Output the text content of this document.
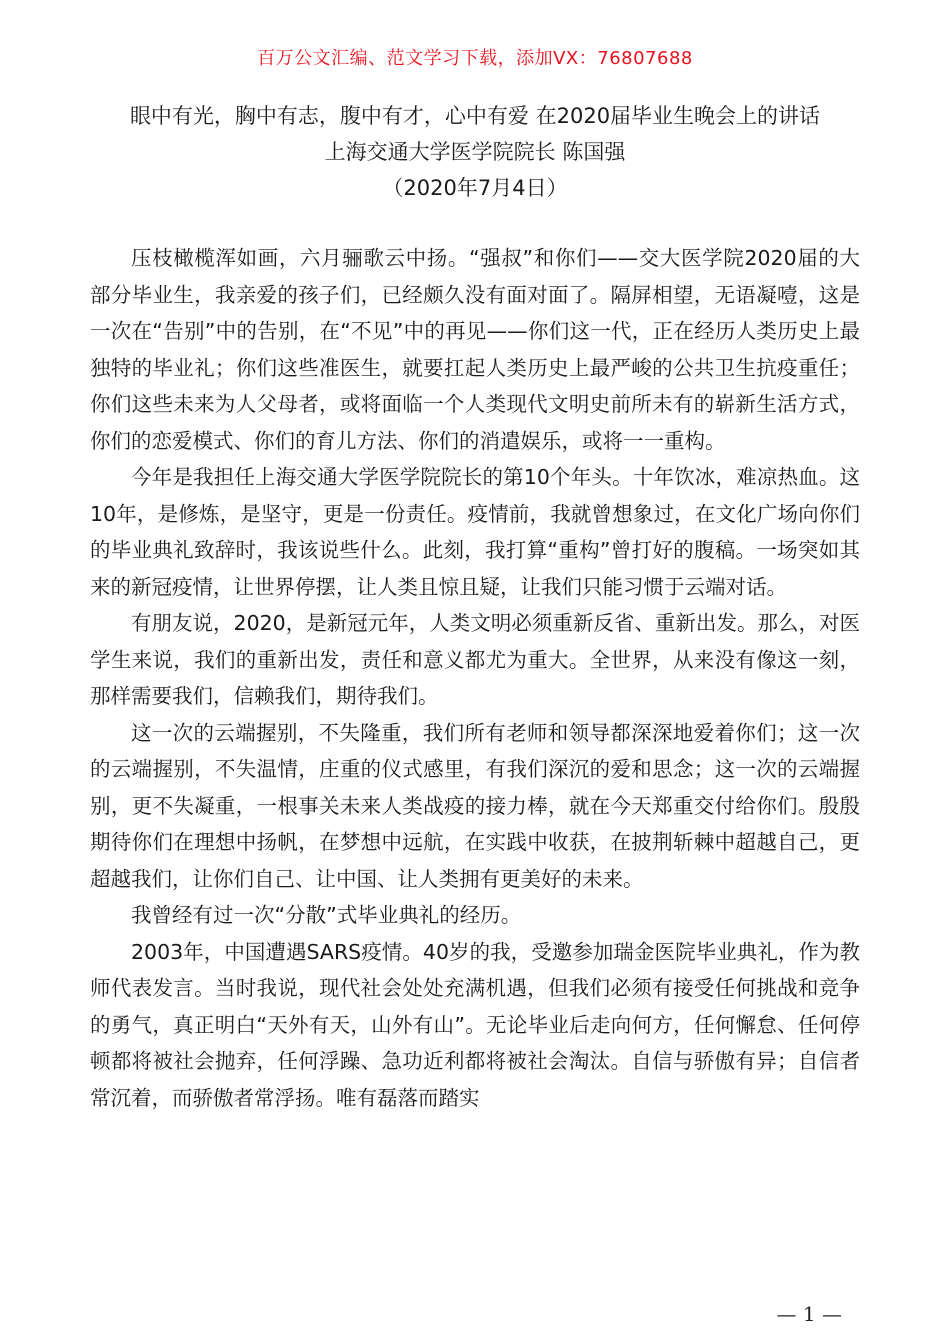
百万公文汇编、范文学习下载，添加VX：76807688
眼中有光，胸中有志，腹中有才，心中有爱 在2020届毕业生晚会上的讲话
上海交通大学医学院院长 陈国强
（2020年7月4日）

压枝橄榄浑如画，六月骊歌云中扬。“强叔”和你们——交大医学院2020届的大部分毕业生，我亲爱的孩子们，已经颇久没有面对面了。隔屏相望，无语凝噎，这是一次在“告别”中的告别，在“不见”中的再见——你们这一代，正在经历人类历史上最独特的毕业礼；你们这些准医生，就要扛起人类历史上最严峻的公共卫生抗疫重任；你们这些未来为人父母者，或将面临一个人类现代文明史前所未有的崭新生活方式，你们的恋爱模式、你们的育儿方法、你们的消遣娱乐，或将一一重构。

今年是我担任上海交通大学医学院院长的第10个年头。十年饮冰，难凉热血。这10年，是修炼，是坚守，更是一份责任。疫情前，我就曾想象过，在文化广场向你们的毕业典礼致辞时，我该说些什么。此刻，我打算“重构”曾打好的腹稿。一场突如其来的新冠疫情，让世界停摆，让人类且惊且疑，让我们只能习惯于云端对话。

有朋友说，2020，是新冠元年，人类文明必须重新反省、重新出发。那么，对医学生来说，我们的重新出发，责任和意义都尤为重大。全世界，从来没有像这一刻，那样需要我们，信赖我们，期待我们。

这一次的云端握别，不失隆重，我们所有老师和领导都深深地爱着你们；这一次的云端握别，不失温情，庄重的仪式感里，有我们深沉的爱和思念；这一次的云端握别，更不失凝重，一根事关未来人类战疫的接力棒，就在今天郑重交付给你们。殷殷期待你们在理想中扬帆，在梦想中远航，在实践中收获，在披荆斩棘中超越自己，更超越我们，让你们自己、让中国、让人类拥有更美好的未来。

我曾经有过一次“分散”式毕业典礼的经历。

2003年，中国遭遇SARS疫情。40岁的我，受邀参加瑞金医院毕业典礼，作为教师代表发言。当时我说，现代社会处处充满机遇，但我们必须有接受任何挑战和竞争的勇气，真正明白“天外有天，山外有山”。无论毕业后走向何方，任何懈怠、任何停顿都将被社会抛弃，任何浮躁、急功近利都将被社会淘汰。自信与骄傲有异；自信者常沉着，而骄傲者常浮扬。唯有磊落而踏实

— 1 —
